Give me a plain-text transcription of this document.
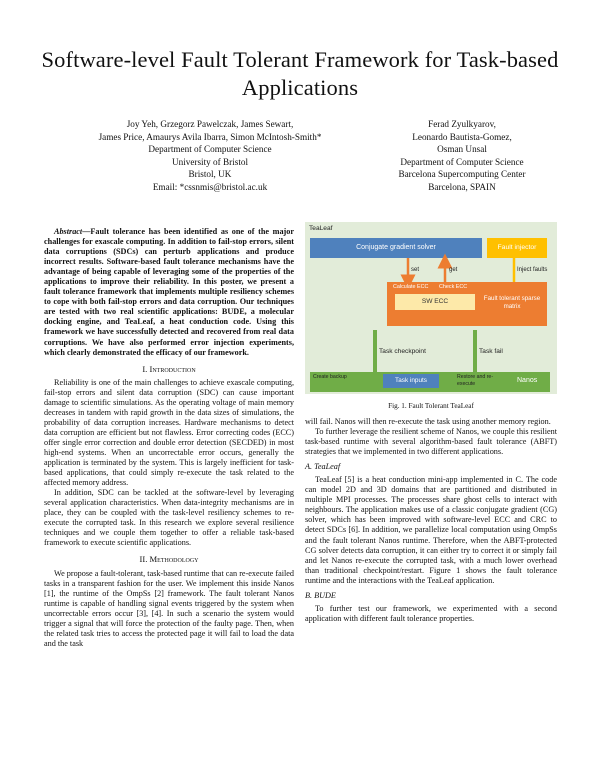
Software-level Fault Tolerant Framework for Task-based Applications
Joy Yeh, Grzegorz Pawelczak, James Sewart,
James Price, Amaurys Avila Ibarra, Simon McIntosh-Smith*
Department of Computer Science
University of Bristol
Bristol, UK
Email: *cssnmis@bristol.ac.uk
Ferad Zyulkyarov,
Leonardo Bautista-Gomez,
Osman Unsal
Department of Computer Science
Barcelona Supercomputing Center
Barcelona, SPAIN

Abstract—Fault tolerance has been identified as one of the major challenges for exascale computing. In addition to fail-stop errors, silent data corruptions (SDCs) can perturb applications and produce incorrect results. Software-based fault tolerance mechanisms have the advantage of being capable of leveraging some of the properties of the applications to improve their reliability. In this poster, we present a fault tolerance framework that implements multiple resiliency schemes to cope with both fail-stop errors and data corruption. Our techniques are tested with two real scientific applications: BUDE, a molecular docking engine, and TeaLeaf, a heat conduction code. Using this framework we have successfully detected and recovered from real data corruptions. We have also performed error injection experiments, which clearly demonstrated the efficacy of our framework.

I. Introduction

Reliability is one of the main challenges to achieve exascale computing, fail-stop errors and silent data corruption (SDC) can cause important damage to scientific simulations. As the operating voltage of main memory decreases in tandem with rapid growth in the data sizes of simulations, the probability of data corruption increases. Hardware mechanisms to detect data corruption are efficient but not flawless. Error correcting codes (ECC) offer single error correction and double error detection (SECDED) in most high-end systems. When an uncorrectable error occurs, generally the application is terminated by the system. This is largely inefficient for task-based applications, that could simply re-execute the task related to the affected memory address.

In addition, SDC can be tackled at the software-level by leveraging several application characteristics. When data-integrity mechanisms are in place, they can be coupled with the task-level resiliency schemes to re-execute the corrupted task. In this research we explore several resilience techniques and we couple them together to offer a reliable task-based framework to execute scientific applications.

II. Methodology

We propose a fault-tolerant, task-based runtime that can re-execute failed tasks in a transparent fashion for the user. We implement this inside Nanos [1], the runtime of the OmpSs [2] framework. The fault tolerant Nanos runtime is capable of handling signal events triggered by the system when uncorrectable errors occur [3], [4]. In such a scenario the system would trigger a signal that will force the protection of the faulty page. Then, when the related task tries to access the protected page it will fail to load the data and the task

TeaLeaf
Conjugate gradient solver	Fault injector
set	get	Inject faults
Calculate ECC Check ECC
SW ECC	Fault tolerant sparse matrix
Task checkpoint	Task fail
Create backup	Task inputs	Restore and re-execute	Nanos
Fig. 1. Fault Tolerant TeaLeaf

will fail. Nanos will then re-execute the task using another memory region.

To further leverage the resilient scheme of Nanos, we couple this resilient task-based runtime with several algorithm-based fault tolerance (ABFT) strategies that we implemented in two different applications.

A. TeaLeaf

TeaLeaf [5] is a heat conduction mini-app implemented in C. The code can model 2D and 3D domains that are partitioned and distributed in multiple MPI processes. The processes share ghost cells to interact with neighbours. The application makes use of a classic conjugate gradient (CG) solver, which has been improved with software-level ECC and CRC to detect SDCs [6]. In addition, we parallelize local computation using OmpSs and the fault tolerant Nanos runtime. Therefore, when the ABFT-protected CG solver detects data corruption, it can either try to correct it or simply fail and let Nanos re-execute the corrupted task, with a much lower overhead than traditional checkpoint/restart. Figure 1 shows the fault tolerance runtime and the interactions with the TeaLeaf application.

B. BUDE

To further test our framework, we experimented with a second application with different fault tolerance properties.
